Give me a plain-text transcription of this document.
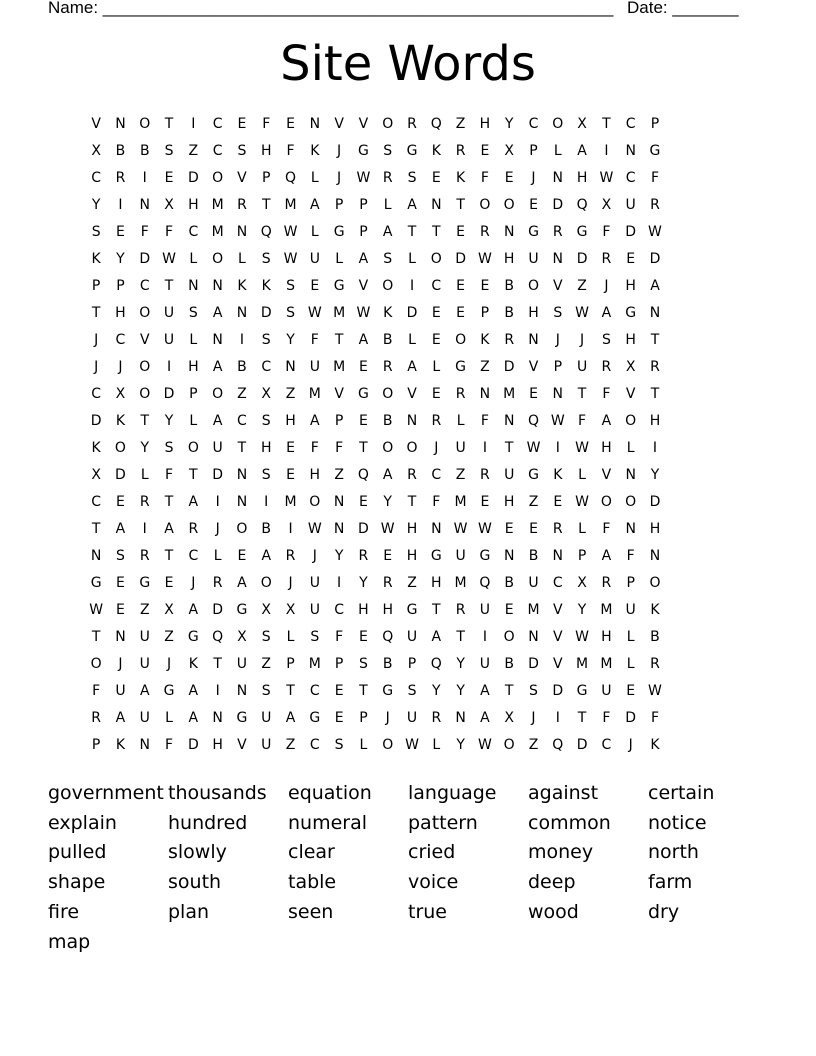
Name: ______________________________________________________ Date: _______
Site Words
V	N O	T	I	C	E	F	E	N	V	V O R Q Z	H	Y	C O X	T	C	P
X	B	B	S	Z	C	S	H	F	K	J	G	S	G	K	R	E	X	P	L	A	I	N G
C	R	I	E	D O	V	P	Q	L	J	W R	S	E	K	F	E	J	N H W C	F
Y	I	N	X	H M R	T M A	P	P	L	A	N	T	O O	E	D Q X	U	R
S	E	F	F	C M N Q W L	G	P	A	T	T	E	R	N G	R	G	F	D W
K	Y	D W L	O	L	S W U	L	A	S	L	O D W H U N D	R	E	D
P	P	C	T	N N	K	K	S	E	G	V O	I	C	E	E	B O	V	Z	J	H	A
T	H O U	S	A	N D	S W M W K	D	E	E	P	B	H	S W A	G N
J	C	V	U	L	N	I	S	Y	F	T	A	B	L	E	O	K	R	N	J	J	S	H	T
J	J	O	I	H	A	B	C	N U M E	R	A	L	G	Z	D	V	P	U	R	X	R
C	X O D	P	O Z	X	Z M V	G O	V	E	R	N M E	N	T	F	V	T
D	K	T	Y	L	A	C	S	H	A	P	E	B	N	R	L	F	N Q W F	A O H
K	O	Y	S	O U	T	H	E	F	F	T	O O	J	U	I	T W	I	W H	L	I
X	D	L	F	T	D N	S	E	H	Z Q	A	R	C	Z	R	U G	K	L	V	N	Y
C	E	R	T	A	I	N	I	M O N	E	Y	T	F	M E	H	Z	E W O O D
T	A	I	A	R	J	O B	I	W N D W H N W W E	E	R	L	F	N H
N	S	R	T	C	L	E	A	R	J	Y	R	E	H G U G N	B	N	P	A	F	N
G	E	G	E	J	R	A O	J	U	I	Y	R	Z	H M Q B	U	C	X	R	P	O
W E	Z	X	A	D G	X	X	U	C	H H G	T	R	U	E M V	Y M U	K
T	N U	Z	G Q X	S	L	S	F	E	Q U	A	T	I	O N	V W H	L	B
O	J	U	J	K	T	U	Z	P	M	P	S	B	P	Q	Y	U	B	D	V M M	L	R
F	U	A	G	A	I	N	S	T	C	E	T	G	S	Y	Y	A	T	S	D G U	E W
R	A	U	L	A	N G U	A	G	E	P	J	U	R	N	A	X	J	I	T	F	D	F
P	K	N	F	D H	V	U	Z	C	S	L	O W L	Y W O Z Q D	C	J	K
government thousands	equation	language	against	certain
explain	hundred	numeral	pattern	common	notice
pulled	slowly	clear	cried	money	north
shape	south	table	voice	deep	farm
fire	plan	seen	true	wood	dry
map
